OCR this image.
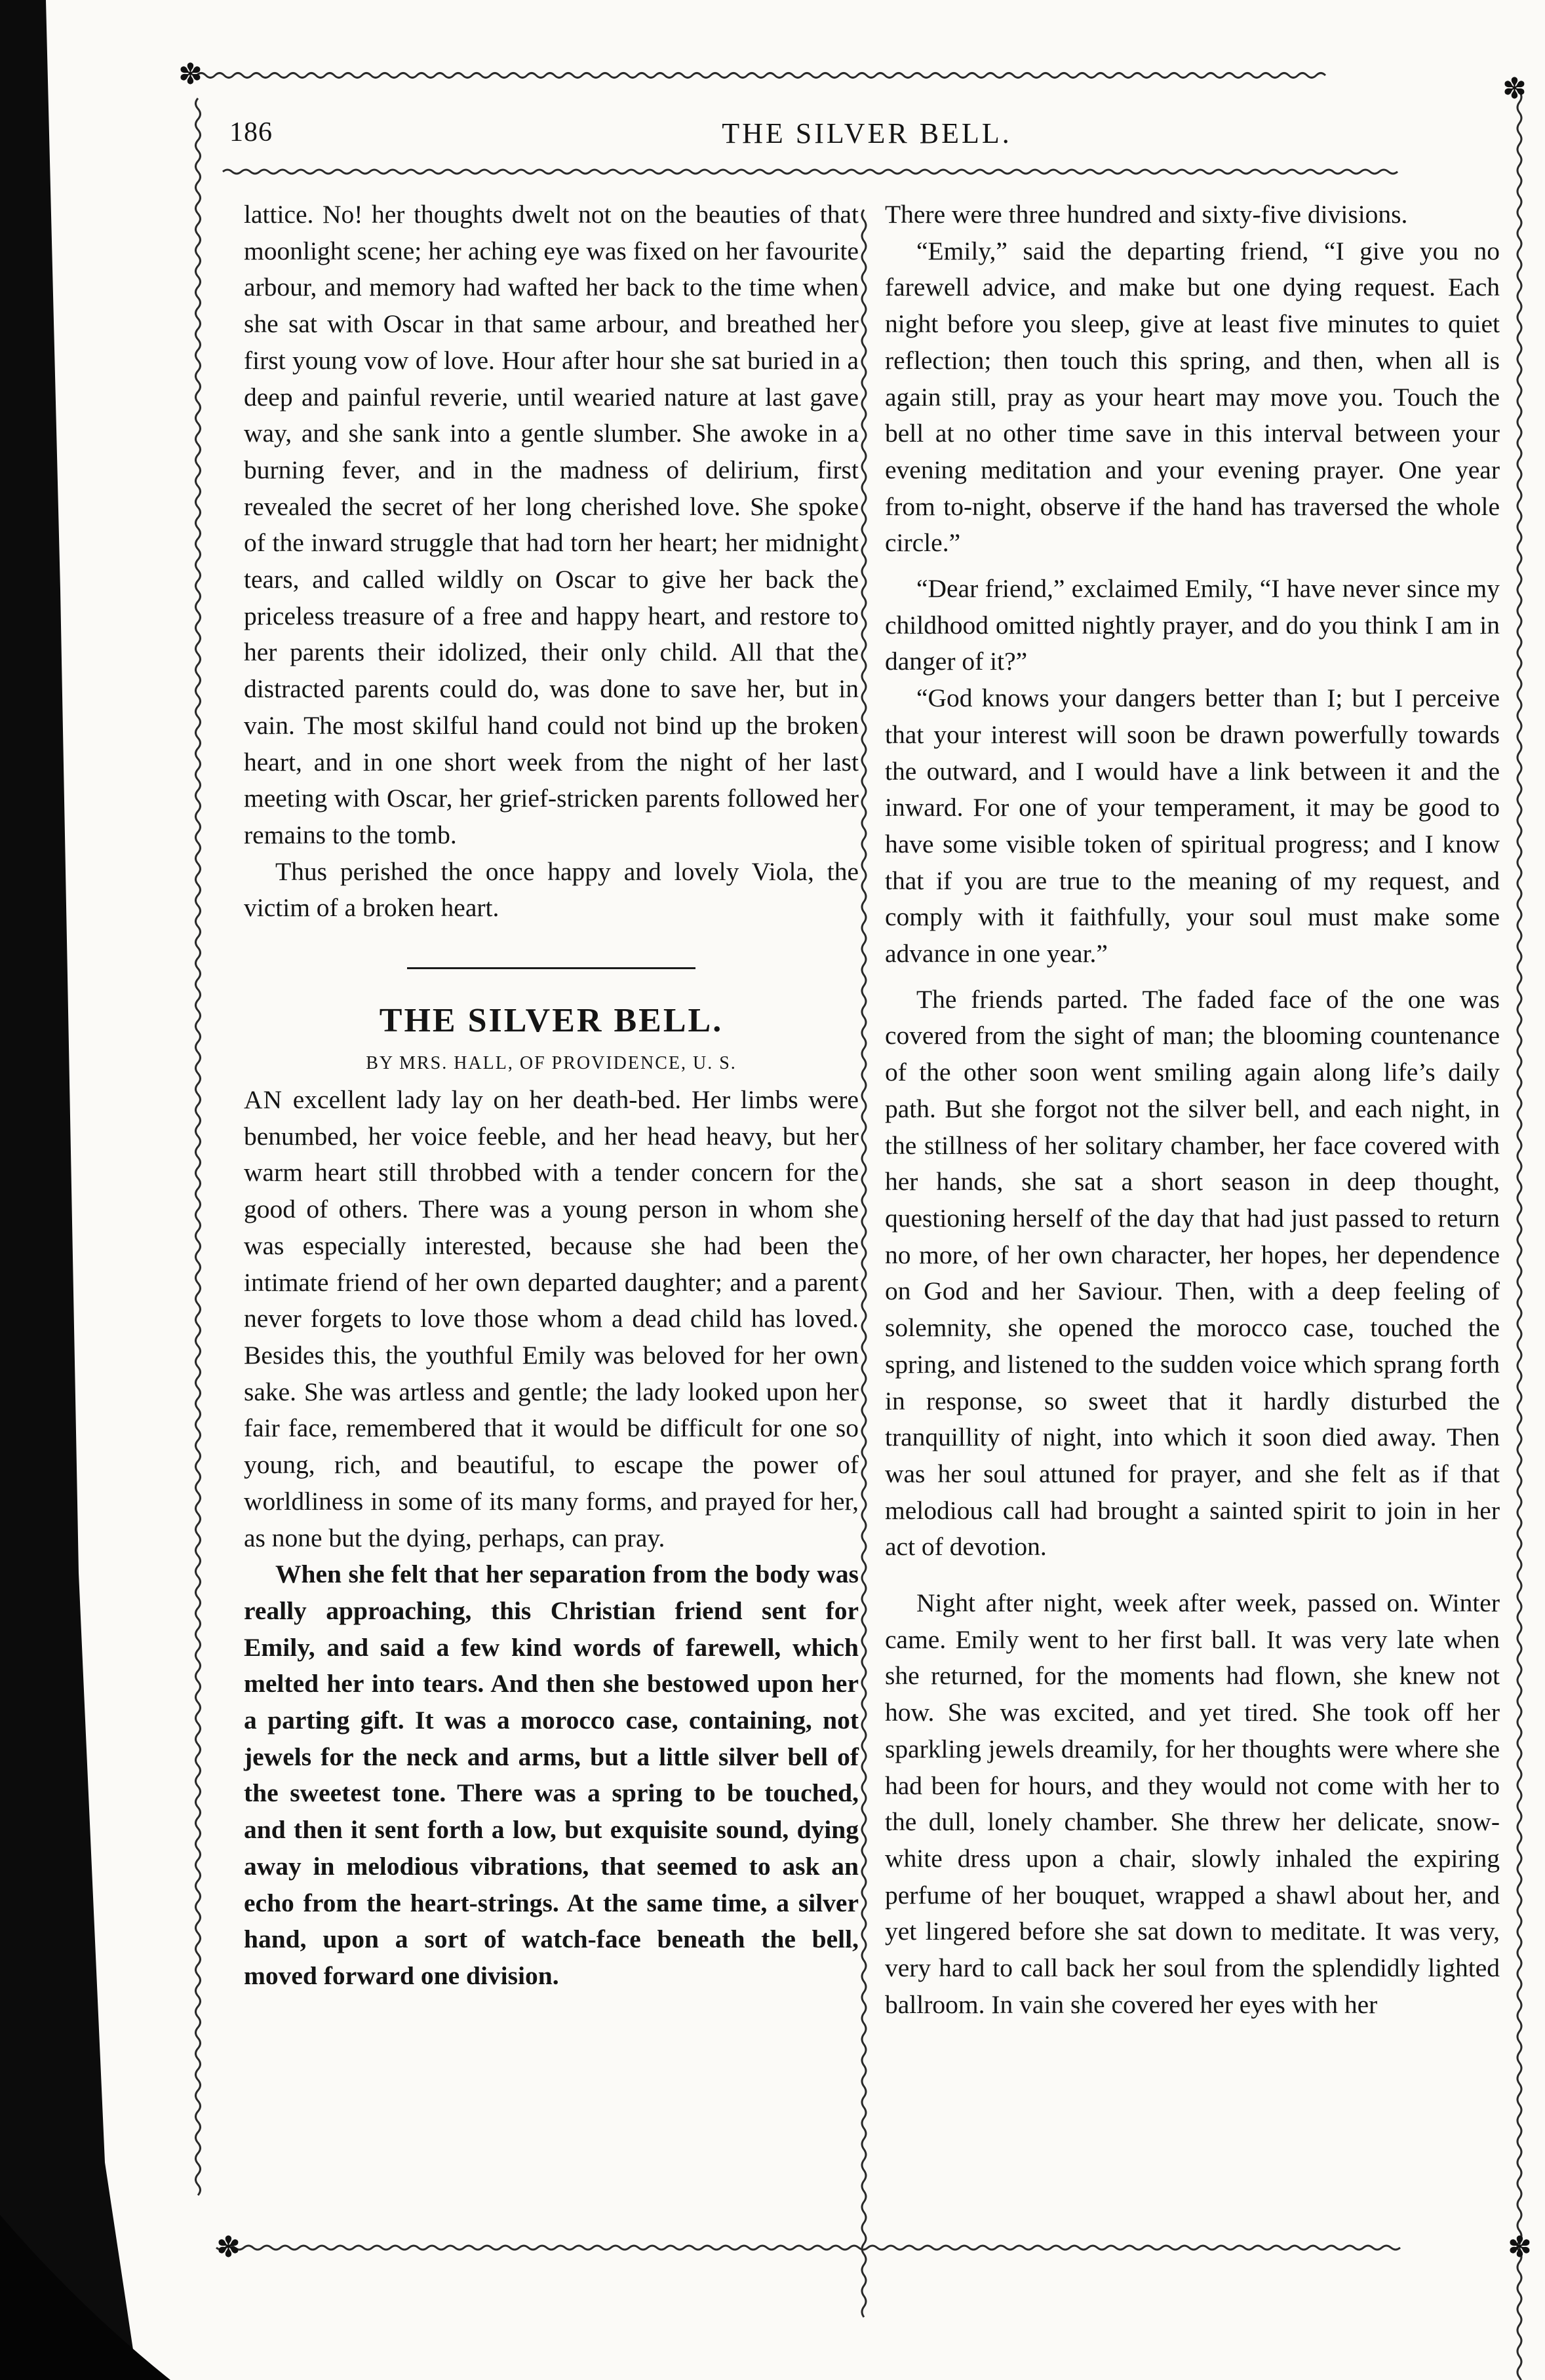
✽	✽
✽	✽
186	THE SILVER BELL.

lattice. No! her thoughts dwelt not on the beauties of that moonlight scene; her aching eye was fixed on her favourite arbour, and memory had wafted her back to the time when she sat with Oscar in that same arbour, and breathed her first young vow of love. Hour after hour she sat buried in a deep and painful reverie, until wearied nature at last gave way, and she sank into a gentle slumber. She awoke in a burning fever, and in the madness of delirium, first revealed the secret of her long cherished love. She spoke of the inward struggle that had torn her heart; her midnight tears, and called wildly on Oscar to give her back the priceless treasure of a free and happy heart, and restore to her parents their idolized, their only child. All that the distracted parents could do, was done to save her, but in vain. The most skilful hand could not bind up the broken heart, and in one short week from the night of her last meeting with Oscar, her grief-stricken parents followed her remains to the tomb.

Thus perished the once happy and lovely Viola, the victim of a broken heart.

THE SILVER BELL.
BY MRS. HALL, OF PROVIDENCE, U. S.

AN excellent lady lay on her death-bed. Her limbs were benumbed, her voice feeble, and her head heavy, but her warm heart still throbbed with a tender concern for the good of others. There was a young person in whom she was especially interested, because she had been the intimate friend of her own departed daughter; and a parent never forgets to love those whom a dead child has loved. Besides this, the youthful Emily was beloved for her own sake. She was artless and gentle; the lady looked upon her fair face, remembered that it would be difficult for one so young, rich, and beautiful, to escape the power of worldliness in some of its many forms, and prayed for her, as none but the dying, perhaps, can pray.

When she felt that her separation from the body was really approaching, this Christian friend sent for Emily, and said a few kind words of farewell, which melted her into tears. And then she bestowed upon her a parting gift. It was a morocco case, containing, not jewels for the neck and arms, but a little silver bell of the sweetest tone. There was a spring to be touched, and then it sent forth a low, but exquisite sound, dying away in melodious vibrations, that seemed to ask an echo from the heart-strings. At the same time, a silver hand, upon a sort of watch-face beneath the bell, moved forward one division.

There were three hundred and sixty-five divisions.

“Emily,” said the departing friend, “I give you no farewell advice, and make but one dying request. Each night before you sleep, give at least five minutes to quiet reflection; then touch this spring, and then, when all is again still, pray as your heart may move you. Touch the bell at no other time save in this interval between your evening meditation and your evening prayer. One year from to-night, observe if the hand has traversed the whole circle.”

“Dear friend,” exclaimed Emily, “I have never since my childhood omitted nightly prayer, and do you think I am in danger of it?”

“God knows your dangers better than I; but I perceive that your interest will soon be drawn powerfully towards the outward, and I would have a link between it and the inward. For one of your temperament, it may be good to have some visible token of spiritual progress; and I know that if you are true to the meaning of my request, and comply with it faithfully, your soul must make some advance in one year.”

The friends parted. The faded face of the one was covered from the sight of man; the blooming countenance of the other soon went smiling again along life’s daily path. But she forgot not the silver bell, and each night, in the stillness of her solitary chamber, her face covered with her hands, she sat a short season in deep thought, questioning herself of the day that had just passed to return no more, of her own character, her hopes, her dependence on God and her Saviour. Then, with a deep feeling of solemnity, she opened the morocco case, touched the spring, and listened to the sudden voice which sprang forth in response, so sweet that it hardly disturbed the tranquillity of night, into which it soon died away. Then was her soul attuned for prayer, and she felt as if that melodious call had brought a sainted spirit to join in her act of devotion.

Night after night, week after week, passed on. Winter came. Emily went to her first ball. It was very late when she returned, for the moments had flown, she knew not how. She was excited, and yet tired. She took off her sparkling jewels dreamily, for her thoughts were where she had been for hours, and they would not come with her to the dull, lonely chamber. She threw her delicate, snow-white dress upon a chair, slowly inhaled the expiring perfume of her bouquet, wrapped a shawl about her, and yet lingered before she sat down to meditate. It was very, very hard to call back her soul from the splendidly lighted ballroom. In vain she covered her eyes with her
